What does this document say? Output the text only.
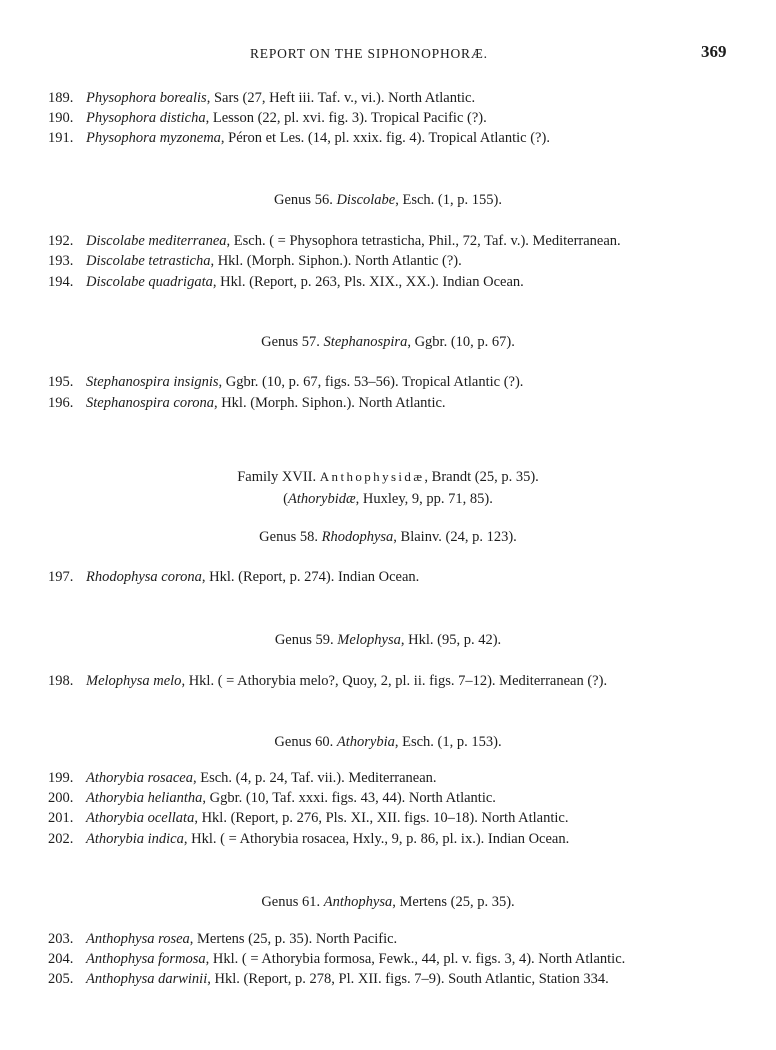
REPORT ON THE SIPHONOPHORÆ.	369
189. Physophora borealis, Sars (27, Heft iii. Taf. v., vi.). North Atlantic.
190. Physophora disticha, Lesson (22, pl. xvi. fig. 3). Tropical Pacific (?).
191. Physophora myzonema, Péron et Les. (14, pl. xxix. fig. 4). Tropical Atlantic (?).
Genus 56. Discolabe, Esch. (1, p. 155).
192. Discolabe mediterranea, Esch. ( = Physophora tetrasticha, Phil., 72, Taf. v.). Mediterranean.
193. Discolabe tetrasticha, Hkl. (Morph. Siphon.). North Atlantic (?).
194. Discolabe quadrigata, Hkl. (Report, p. 263, Pls. XIX., XX.). Indian Ocean.
Genus 57. Stephanospira, Ggbr. (10, p. 67).
195. Stephanospira insignis, Ggbr. (10, p. 67, figs. 53–56). Tropical Atlantic (?).
196. Stephanospira corona, Hkl. (Morph. Siphon.). North Atlantic.
Family XVII. Anthophysidæ, Brandt (25, p. 35).
(Athorybidæ, Huxley, 9, pp. 71, 85).
Genus 58. Rhodophysa, Blainv. (24, p. 123).
197. Rhodophysa corona, Hkl. (Report, p. 274). Indian Ocean.
Genus 59. Melophysa, Hkl. (95, p. 42).
198. Melophysa melo, Hkl. ( = Athorybia melo?, Quoy, 2, pl. ii. figs. 7–12). Mediterranean (?).
Genus 60. Athorybia, Esch. (1, p. 153).
199. Athorybia rosacea, Esch. (4, p. 24, Taf. vii.). Mediterranean.
200. Athorybia heliantha, Ggbr. (10, Taf. xxxi. figs. 43, 44). North Atlantic.
201. Athorybia ocellata, Hkl. (Report, p. 276, Pls. XI., XII. figs. 10–18). North Atlantic.
202. Athorybia indica, Hkl. ( = Athorybia rosacea, Hxly., 9, p. 86, pl. ix.). Indian Ocean.
Genus 61. Anthophysa, Mertens (25, p. 35).
203. Anthophysa rosea, Mertens (25, p. 35). North Pacific.
204. Anthophysa formosa, Hkl. ( = Athorybia formosa, Fewk., 44, pl. v. figs. 3, 4). North Atlantic.
205. Anthophysa darwinii, Hkl. (Report, p. 278, Pl. XII. figs. 7–9). South Atlantic, Station 334.
